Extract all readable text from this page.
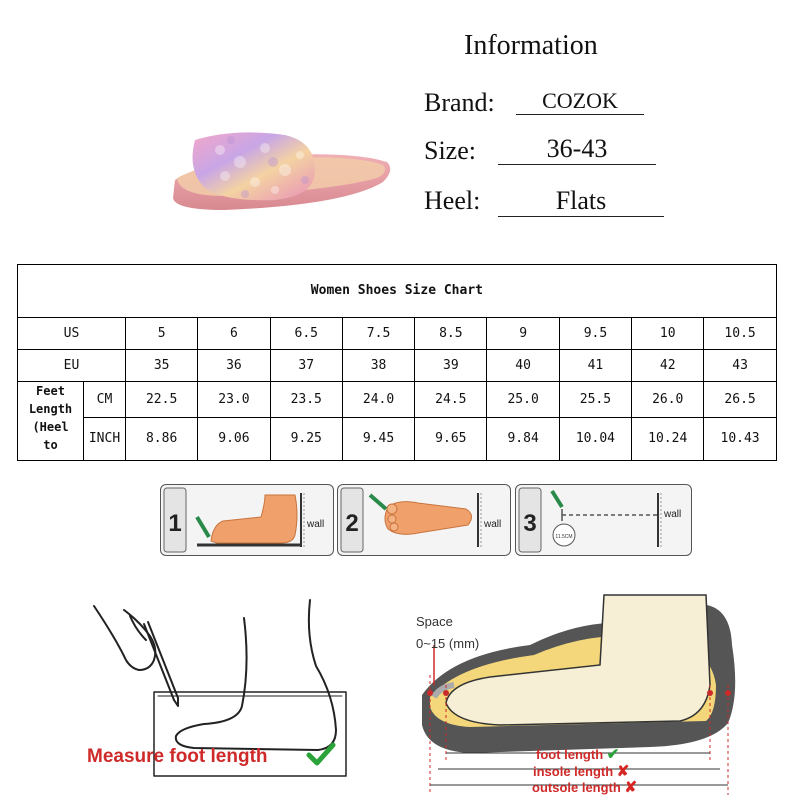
Information
Brand:	COZOK
Size:	36-43
Heel:	Flats
Women Shoes Size Chart										
US		5	6	6.5	7.5	8.5	9	9.5	10	10.5
EU		35	36	37	38	39	40	41	42	43

Feet
Length
(Heel
to	CM	22.5	23.0	23.5	24.0	24.5	25.0	25.5	26.0	26.5
	INCH	8.86	9.06	9.25	9.45	9.65	9.84	10.04	10.24	10.43
1	wall 2	wall 3	11.5CM
wall
Measure foot length
Space
0~15 (mm)
foot length ✔
insole length ✘
outsole length ✘
